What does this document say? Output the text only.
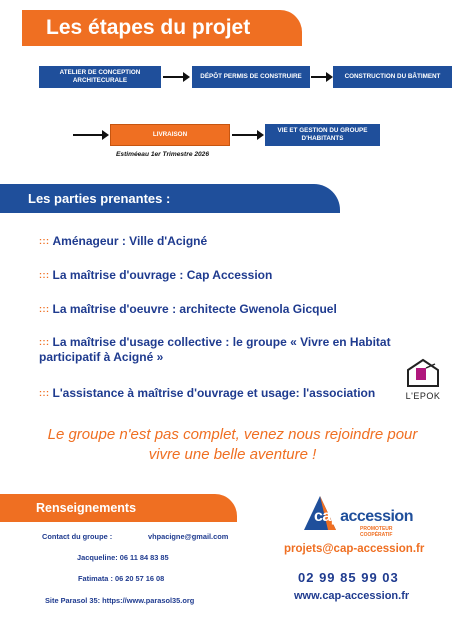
Les étapes du projet
ATELIER DE CONCEPTION ARCHITECURALE
DÉPÔT PERMIS DE CONSTRUIRE	CONSTRUCTION DU BÂTIMENT
LIVRAISON
VIE ET GESTION DU GROUPE D'HABITANTS
Estiméeau 1er Trimestre 2026
Les parties prenantes :
::: Aménageur : Ville d'Acigné
::: La maîtrise d'ouvrage : Cap Accession
::: La maîtrise d'oeuvre : architecte Gwenola Gicquel
::: La maîtrise d'usage collective : le groupe « Vivre en Habitat participatif à Acigné »
::: L'assistance à maîtrise d'ouvrage et usage: l'association	L'EPOK
Le groupe n'est pas complet, venez nous rejoindre pour vivre une belle aventure !
Renseignements
Contact du groupe :	vhpacigne@gmail.com
Jacqueline: 06 11 84 83 85
Fatimata : 06 20 57 16 08
Site Parasol 35: https://www.parasol35.org
capaccession
PROMOTEUR COOPÉRATIF
projets@cap-accession.fr
02 99 85 99 03
www.cap-accession.fr
